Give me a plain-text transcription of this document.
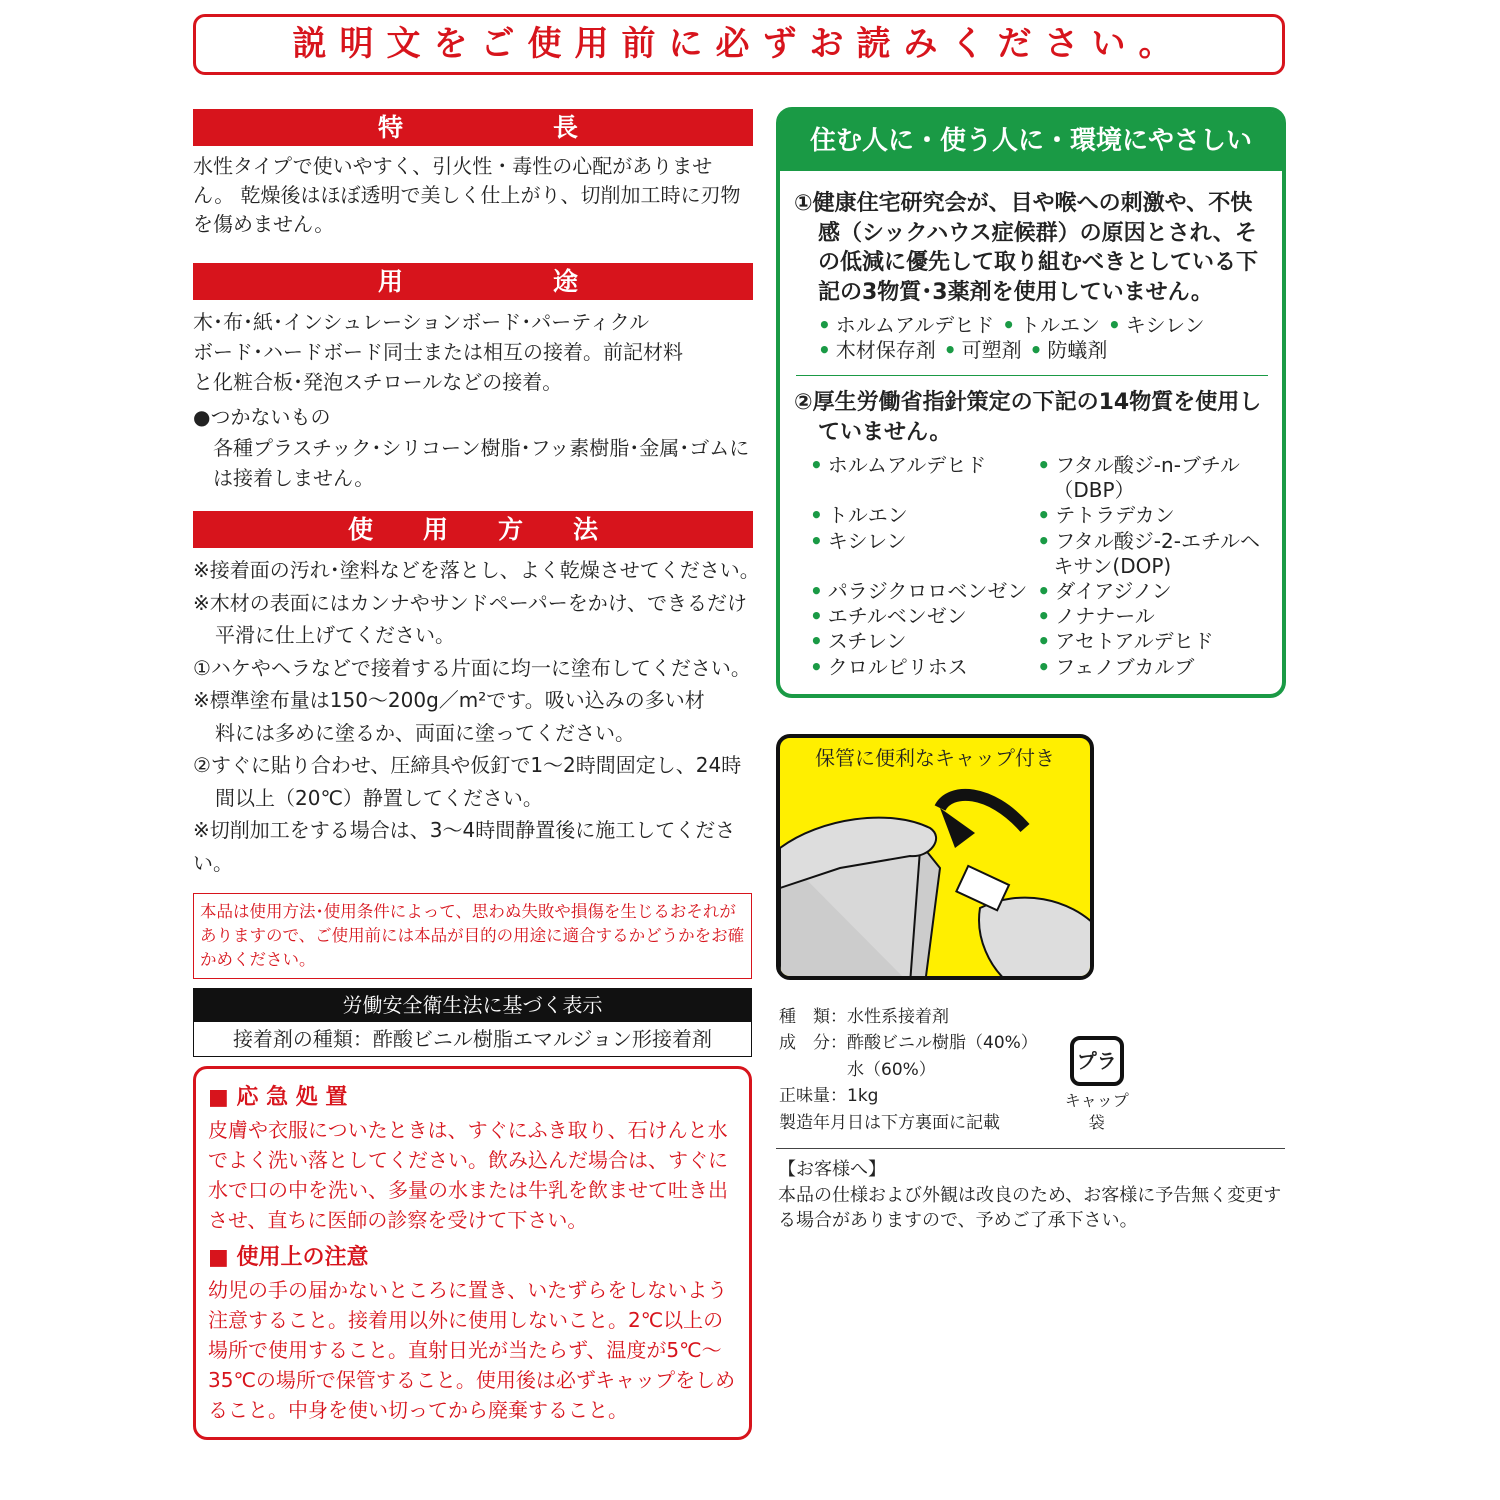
説明文をご使用前に必ずお読みください。
特	長

水性タイプで使いやすく、引火性・毒性の心配がありません。 乾燥後はほぼ透明で美しく仕上がり、切削加工時に刃物を傷めません。

用	途

木･布･紙･インシュレーションボード･パーティクル

ボード･ハードボード同士または相互の接着。前記材料

と化粧合板･発泡スチロールなどの接着。

●つかないもの

各種プラスチック･シリコーン樹脂･フッ素樹脂･金属･ゴムには接着しません。

使 用 方 法

※接着面の汚れ･塗料などを落とし、よく乾燥させてください。

※木材の表面にはカンナやサンドペーパーをかけ、できるだけ

平滑に仕上げてください。

①ハケやヘラなどで接着する片面に均一に塗布してください。

※標準塗布量は150〜200g／m²です。吸い込みの多い材

料には多めに塗るか、両面に塗ってください。

②すぐに貼り合わせ、圧締具や仮釘で1〜2時間固定し、24時

間以上（20℃）静置してください。

※切削加工をする場合は、3〜4時間静置後に施工してください。

本品は使用方法･使用条件によって、思わぬ失敗や損傷を生じるおそれがありますので、ご使用前には本品が目的の用途に適合するかどうかをお確かめください。
労働安全衛生法に基づく表示
接着剤の種類：酢酸ビニル樹脂エマルジョン形接着剤
■ 応 急 処 置

皮膚や衣服についたときは、すぐにふき取り、石けんと水でよく洗い落としてください。飲み込んだ場合は、すぐに水で口の中を洗い、多量の水または牛乳を飲ませて吐き出させ、直ちに医師の診察を受けて下さい。

■ 使用上の注意

幼児の手の届かないところに置き、いたずらをしないよう注意すること。接着用以外に使用しないこと。2℃以上の場所で使用すること。直射日光が当たらず、温度が5℃〜35℃の場所で保管すること。使用後は必ずキャップをしめること。中身を使い切ってから廃棄すること。

住む人に・使う人に・環境にやさしい

①健康住宅研究会が、目や喉への刺激や、不快感（シックハウス症候群）の原因とされ、その低減に優先して取り組むべきとしている下記の3物質･3薬剤を使用していません。

• ホルムアルデヒド • トルエン • キシレン
• 木材保存剤 • 可塑剤 • 防蟻剤

②厚生労働省指針策定の下記の14物質を使用していません。

• ホルムアルデヒド	• フタル酸ジ-n-ブチル（DBP）
• トルエン	• テトラデカン
• キシレン	• フタル酸ジ-2-エチルヘキサン(DOP)
• パラジクロロベンゼン • ダイアジノン
• エチルベンゼン	• ノナナール
• スチレン	• アセトアルデヒド
• クロルピリホス	• フェノブカルブ
保管に便利なキャップ付き

種　類：水性系接着剤

成　分：酢酸ビニル樹脂（40%）

　　　　水（60%）

正味量：1kg

製造年月日は下方裏面に記載

プラ

キャップ

袋

【お客様へ】

本品の仕様および外観は改良のため、お客様に予告無く変更する場合がありますので、予めご了承下さい。
